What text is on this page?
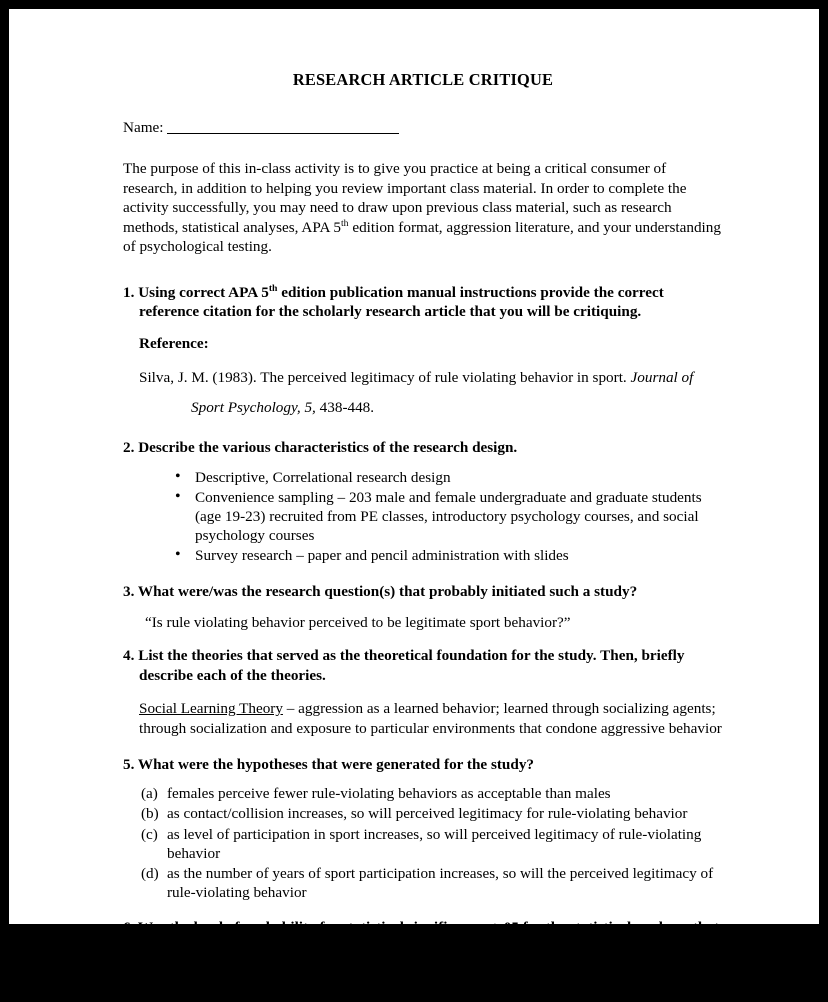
RESEARCH ARTICLE CRITIQUE
Name:

The purpose of this in-class activity is to give you practice at being a critical consumer of research, in addition to helping you review important class material. In order to complete the activity successfully, you may need to draw upon previous class material, such as research methods, statistical analyses, APA 5th edition format, aggression literature, and your understanding of psychological testing.

1. Using correct APA 5th edition publication manual instructions provide the correct reference citation for the scholarly research article that you will be critiquing.

Reference:

Silva, J. M. (1983). The perceived legitimacy of rule violating behavior in sport. Journal of Sport Psychology, 5, 438-448.

2. Describe the various characteristics of the research design.

• Descriptive, Correlational research design
• Convenience sampling – 203 male and female undergraduate and graduate students (age 19-23) recruited from PE classes, introductory psychology courses, and social psychology courses
• Survey research – paper and pencil administration with slides

3. What were/was the research question(s) that probably initiated such a study?

“Is rule violating behavior perceived to be legitimate sport behavior?”

4. List the theories that served as the theoretical foundation for the study. Then, briefly describe each of the theories.

Social Learning Theory – aggression as a learned behavior; learned through socializing agents; through socialization and exposure to particular environments that condone aggressive behavior

5. What were the hypotheses that were generated for the study?

(a) females perceive fewer rule-violating behaviors as acceptable than males
(b) as contact/collision increases, so will perceived legitimacy for rule-violating behavior
(c) as level of participation in sport increases, so will perceived legitimacy of rule-violating behavior
(d) as the number of years of sport participation increases, so will the perceived legitimacy of rule-violating behavior

6. Was the level of probability for statistical significance < .05 for the statistical analyses that were conducted? (Hint: what was the p-value for the analyses/results)?

Yes.
